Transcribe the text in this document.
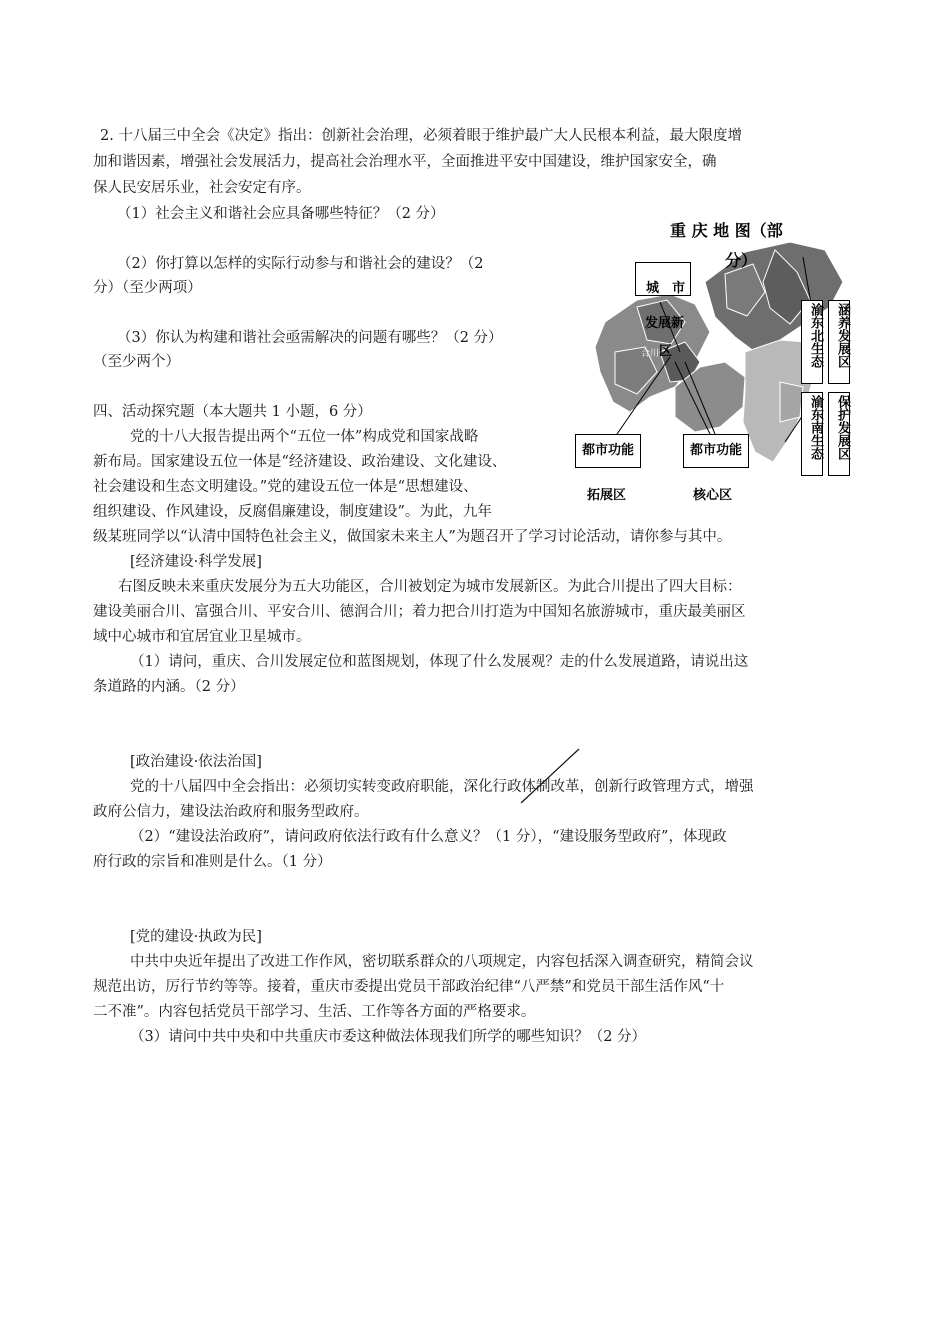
2. 十八届三中全会《决定》指出：创新社会治理，必须着眼于维护最广大人民根本利益，最大限度增
加和谐因素，增强社会发展活力，提高社会治理水平，全面推进平安中国建设，维护国家安全，确
保人民安居乐业，社会安定有序。
（1）社会主义和谐社会应具备哪些特征？（2 分）
（2）你打算以怎样的实际行动参与和谐社会的建设？（2
分）（至少两项）
（3）你认为构建和谐社会亟需解决的问题有哪些？（2 分）
（至少两个）
四、活动探究题（本大题共 1 小题，6 分）
党的十八大报告提出两个“五位一体”构成党和国家战略
新布局。国家建设五位一体是“经济建设、政治建设、文化建设、
社会建设和生态文明建设。”党的建设五位一体是“思想建设、
组织建设、作风建设，反腐倡廉建设，制度建设”。为此，九年
级某班同学以“认清中国特色社会主义，做国家未来主人”为题召开了学习讨论活动，请你参与其中。
[经济建设·科学发展]
右图反映未来重庆发展分为五大功能区，合川被划定为城市发展新区。为此合川提出了四大目标：
建设美丽合川、富强合川、平安合川、德润合川；着力把合川打造为中国知名旅游城市，重庆最美丽区
域中心城市和宜居宜业卫星城市。
（1）请问，重庆、合川发展定位和蓝图规划，体现了什么发展观？走的什么发展道路，请说出这
条道路的内涵。（2 分）
[政治建设·依法治国]
党的十八届四中全会指出：必须切实转变政府职能，深化行政体制改革，创新行政管理方式，增强
政府公信力，建设法治政府和服务型政府。
（2）“建设法治政府”，请问政府依法行政有什么意义？（1 分），“建设服务型政府”，体现政
府行政的宗旨和准则是什么。（1 分）
[党的建设·执政为民]
中共中央近年提出了改进工作作风，密切联系群众的八项规定，内容包括深入调查研究，精简会议
规范出访，厉行节约等等。接着，重庆市委提出党员干部政治纪律“八严禁”和党员干部生活作风“十
二不准”。内容包括党员干部学习、生活、工作等各方面的严格要求。
（3）请问中共中央和中共重庆市委这种做法体现我们所学的哪些知识？（2 分）
重 庆 地 图（部
分）
城　市
发展新
区
合川	渝东北生态 涵养发展区
渝东南生态 保护发展区
都市功能
拓展区
都市功能
核心区
